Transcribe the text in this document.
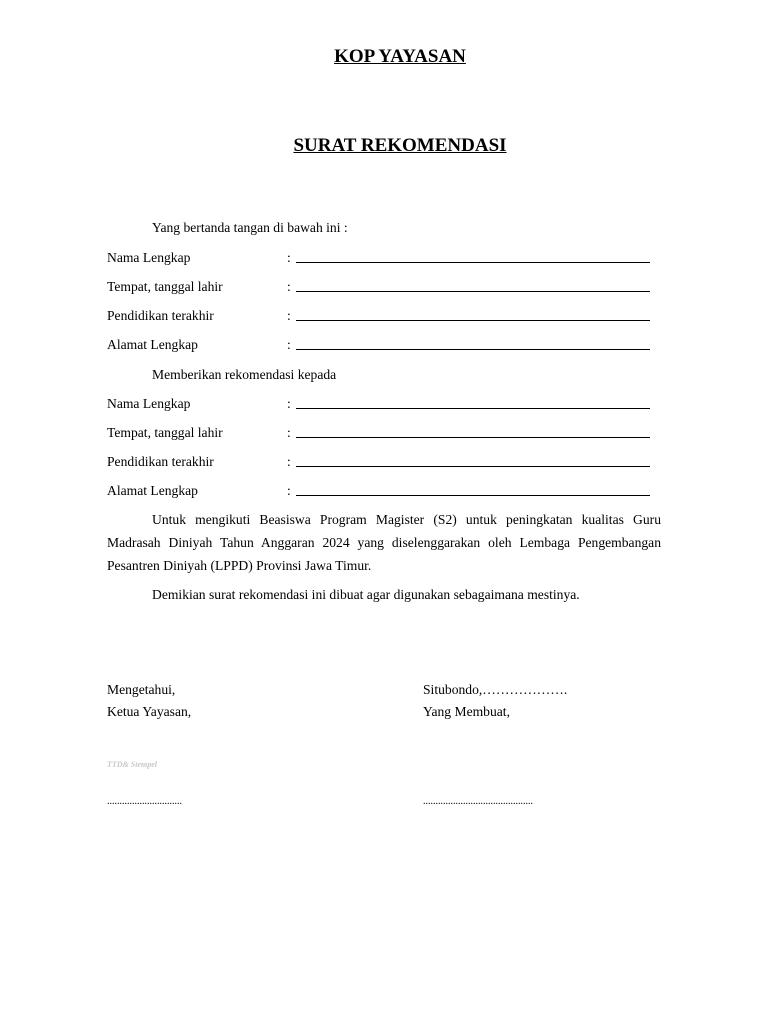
KOP YAYASAN
SURAT REKOMENDASI
Yang bertanda tangan di bawah ini :
Nama Lengkap	:
Tempat, tanggal lahir	:
Pendidikan terakhir	:
Alamat Lengkap	:
Memberikan rekomendasi kepada
Nama Lengkap	:
Tempat, tanggal lahir	:
Pendidikan terakhir	:
Alamat Lengkap	:
Untuk mengikuti Beasiswa Program Magister (S2) untuk peningkatan kualitas Guru Madrasah Diniyah Tahun Anggaran 2024 yang diselenggarakan oleh Lembaga Pengembangan Pesantren Diniyah (LPPD) Provinsi Jawa Timur.
Demikian surat rekomendasi ini dibuat agar digunakan sebagaimana mestinya.
Mengetahui,
Ketua Yayasan,
Situbondo,……………….
Yang Membuat,
TTD& Stempel
..............................	............................................
